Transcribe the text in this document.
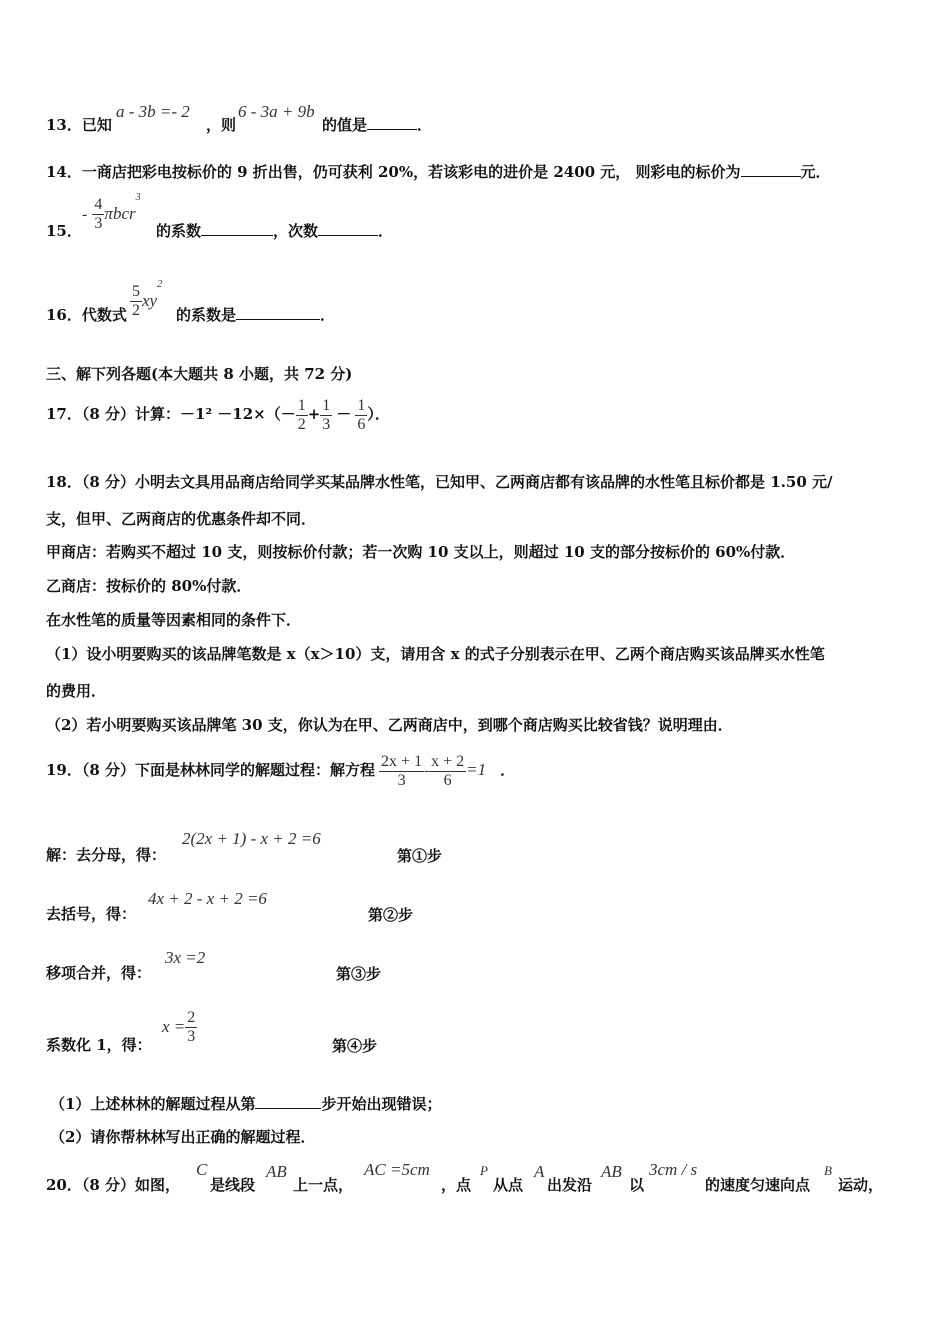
13．已知
a - 3b =- 2
，则
6 - 3a + 9b
的值是	．
14．一商店把彩电按标价的 9 折出售，仍可获利 20%，若该彩电的进价是 2400 元， 则彩电的标价为	元．
15．
- $\frac{4}{3} \pi bcr^3$
的系数	，次数	．
16．代数式 $\frac{5}{2} xy^2$
的系数是	．
三、解下列各题(本大题共 8 小题，共 72 分)
17．（8 分）计算：$-1^2 -12\times(- \frac{1}{2} + \frac{1}{3} - \frac{1}{6}$ ）．
18．（8 分）小明去文具用品商店给同学买某品牌水性笔，已知甲、乙两商店都有该品牌的水性笔且标价都是 1.50 元/
支，但甲、乙两商店的优惠条件却不同．
甲商店：若购买不超过 10 支，则按标价付款；若一次购 10 支以上，则超过 10 支的部分按标价的 60%付款．
乙商店：按标价的 80%付款．
在水性笔的质量等因素相同的条件下．
（1）设小明要购买的该品牌笔数是 x（x＞10）支，请用含 x 的式子分别表示在甲、乙两个商店购买该品牌买水性笔
的费用．
（2）若小明要购买该品牌笔 30 支，你认为在甲、乙两商店中，到哪个商店购买比较省钱？说明理由．
19．（8 分）下面是林林同学的解题过程：解方程 $\frac{2x + 1}{3} - \frac{x + 2}{6} =1$ ．
解：去分母，得：
2(2x + 1) - x + 2 =6
第①步
去括号，得：
4x + 2 - x + 2 =6
第②步
移项合并，得：
3x =2
第③步
系数化 1，得：
$x = \frac{2}{3}$	第④步
（1）上述林林的解题过程从第	步开始出现错误；
（2）请你帮林林写出正确的解题过程．
20．（8 分）如图，
C
是线段
AB
上一点，
AC =5cm
，点
P
从点
A
出发沿
AB
以
3cm / s
的速度匀速向点
B
运动，
